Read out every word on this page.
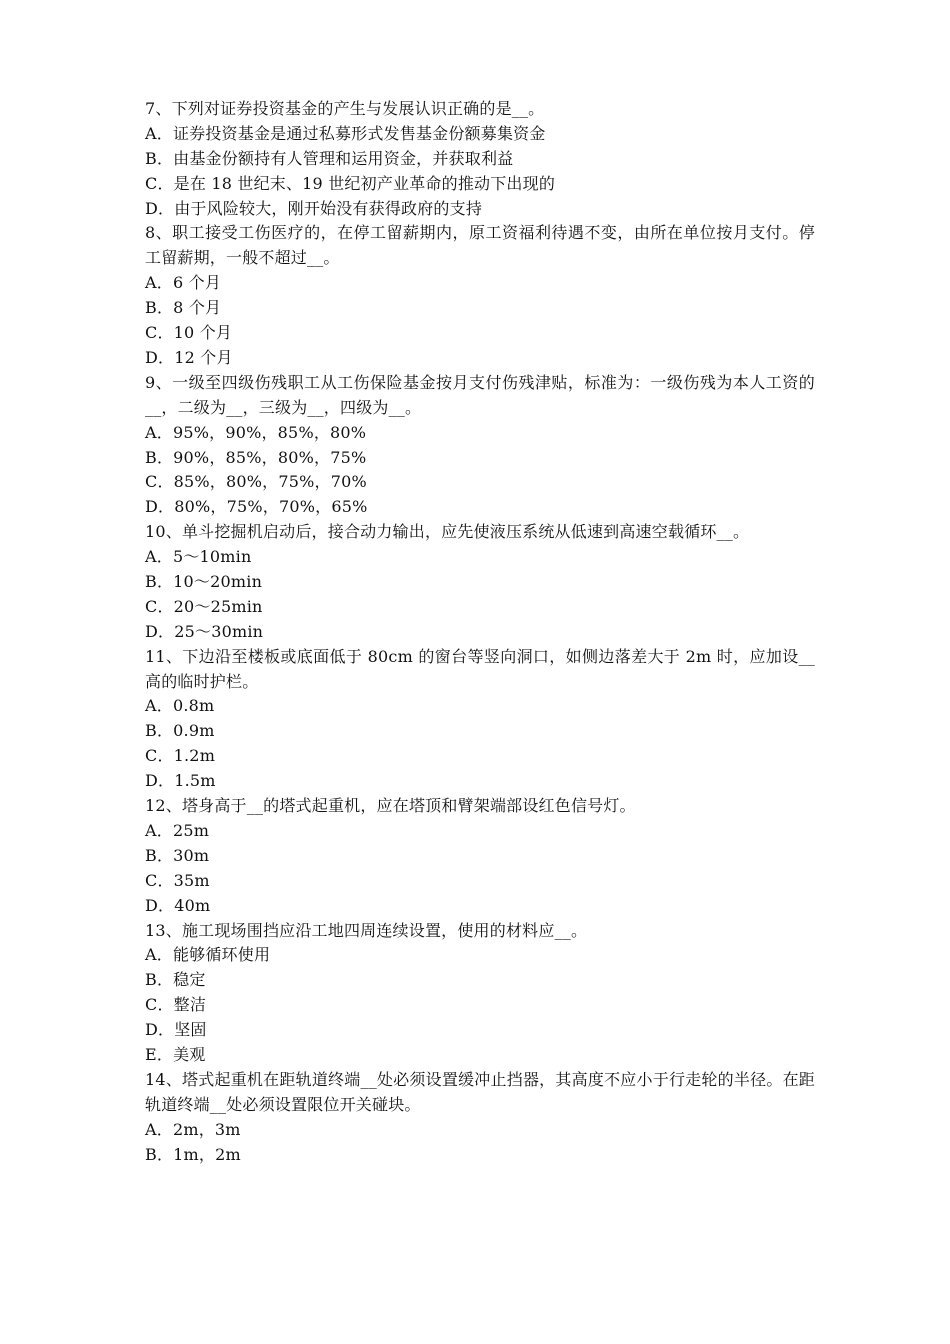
7、下列对证券投资基金的产生与发展认识正确的是__。
A．证券投资基金是通过私募形式发售基金份额募集资金
B．由基金份额持有人管理和运用资金，并获取利益
C．是在 18 世纪末、19 世纪初产业革命的推动下出现的
D．由于风险较大，刚开始没有获得政府的支持
8、职工接受工伤医疗的，在停工留薪期内，原工资福利待遇不变，由所在单位按月支付。停工留薪期，一般不超过__。
A．6 个月
B．8 个月
C．10 个月
D．12 个月
9、一级至四级伤残职工从工伤保险基金按月支付伤残津贴，标准为：一级伤残为本人工资的__，二级为__，三级为__，四级为__。
A．95%，90%，85%，80%
B．90%，85%，80%，75%
C．85%，80%，75%，70%
D．80%，75%，70%，65%
10、单斗挖掘机启动后，接合动力输出，应先使液压系统从低速到高速空载循环__。
A．5～10min
B．10～20min
C．20～25min
D．25～30min
11、下边沿至楼板或底面低于 80cm 的窗台等竖向洞口，如侧边落差大于 2m 时，应加设__高的临时护栏。
A．0.8m
B．0.9m
C．1.2m
D．1.5m
12、塔身高于__的塔式起重机，应在塔顶和臂架端部设红色信号灯。
A．25m
B．30m
C．35m
D．40m
13、施工现场围挡应沿工地四周连续设置，使用的材料应__。
A．能够循环使用
B．稳定
C．整洁
D．坚固
E．美观
14、塔式起重机在距轨道终端__处必须设置缓冲止挡器，其高度不应小于行走轮的半径。在距轨道终端__处必须设置限位开关碰块。
A．2m，3m
B．1m，2m
